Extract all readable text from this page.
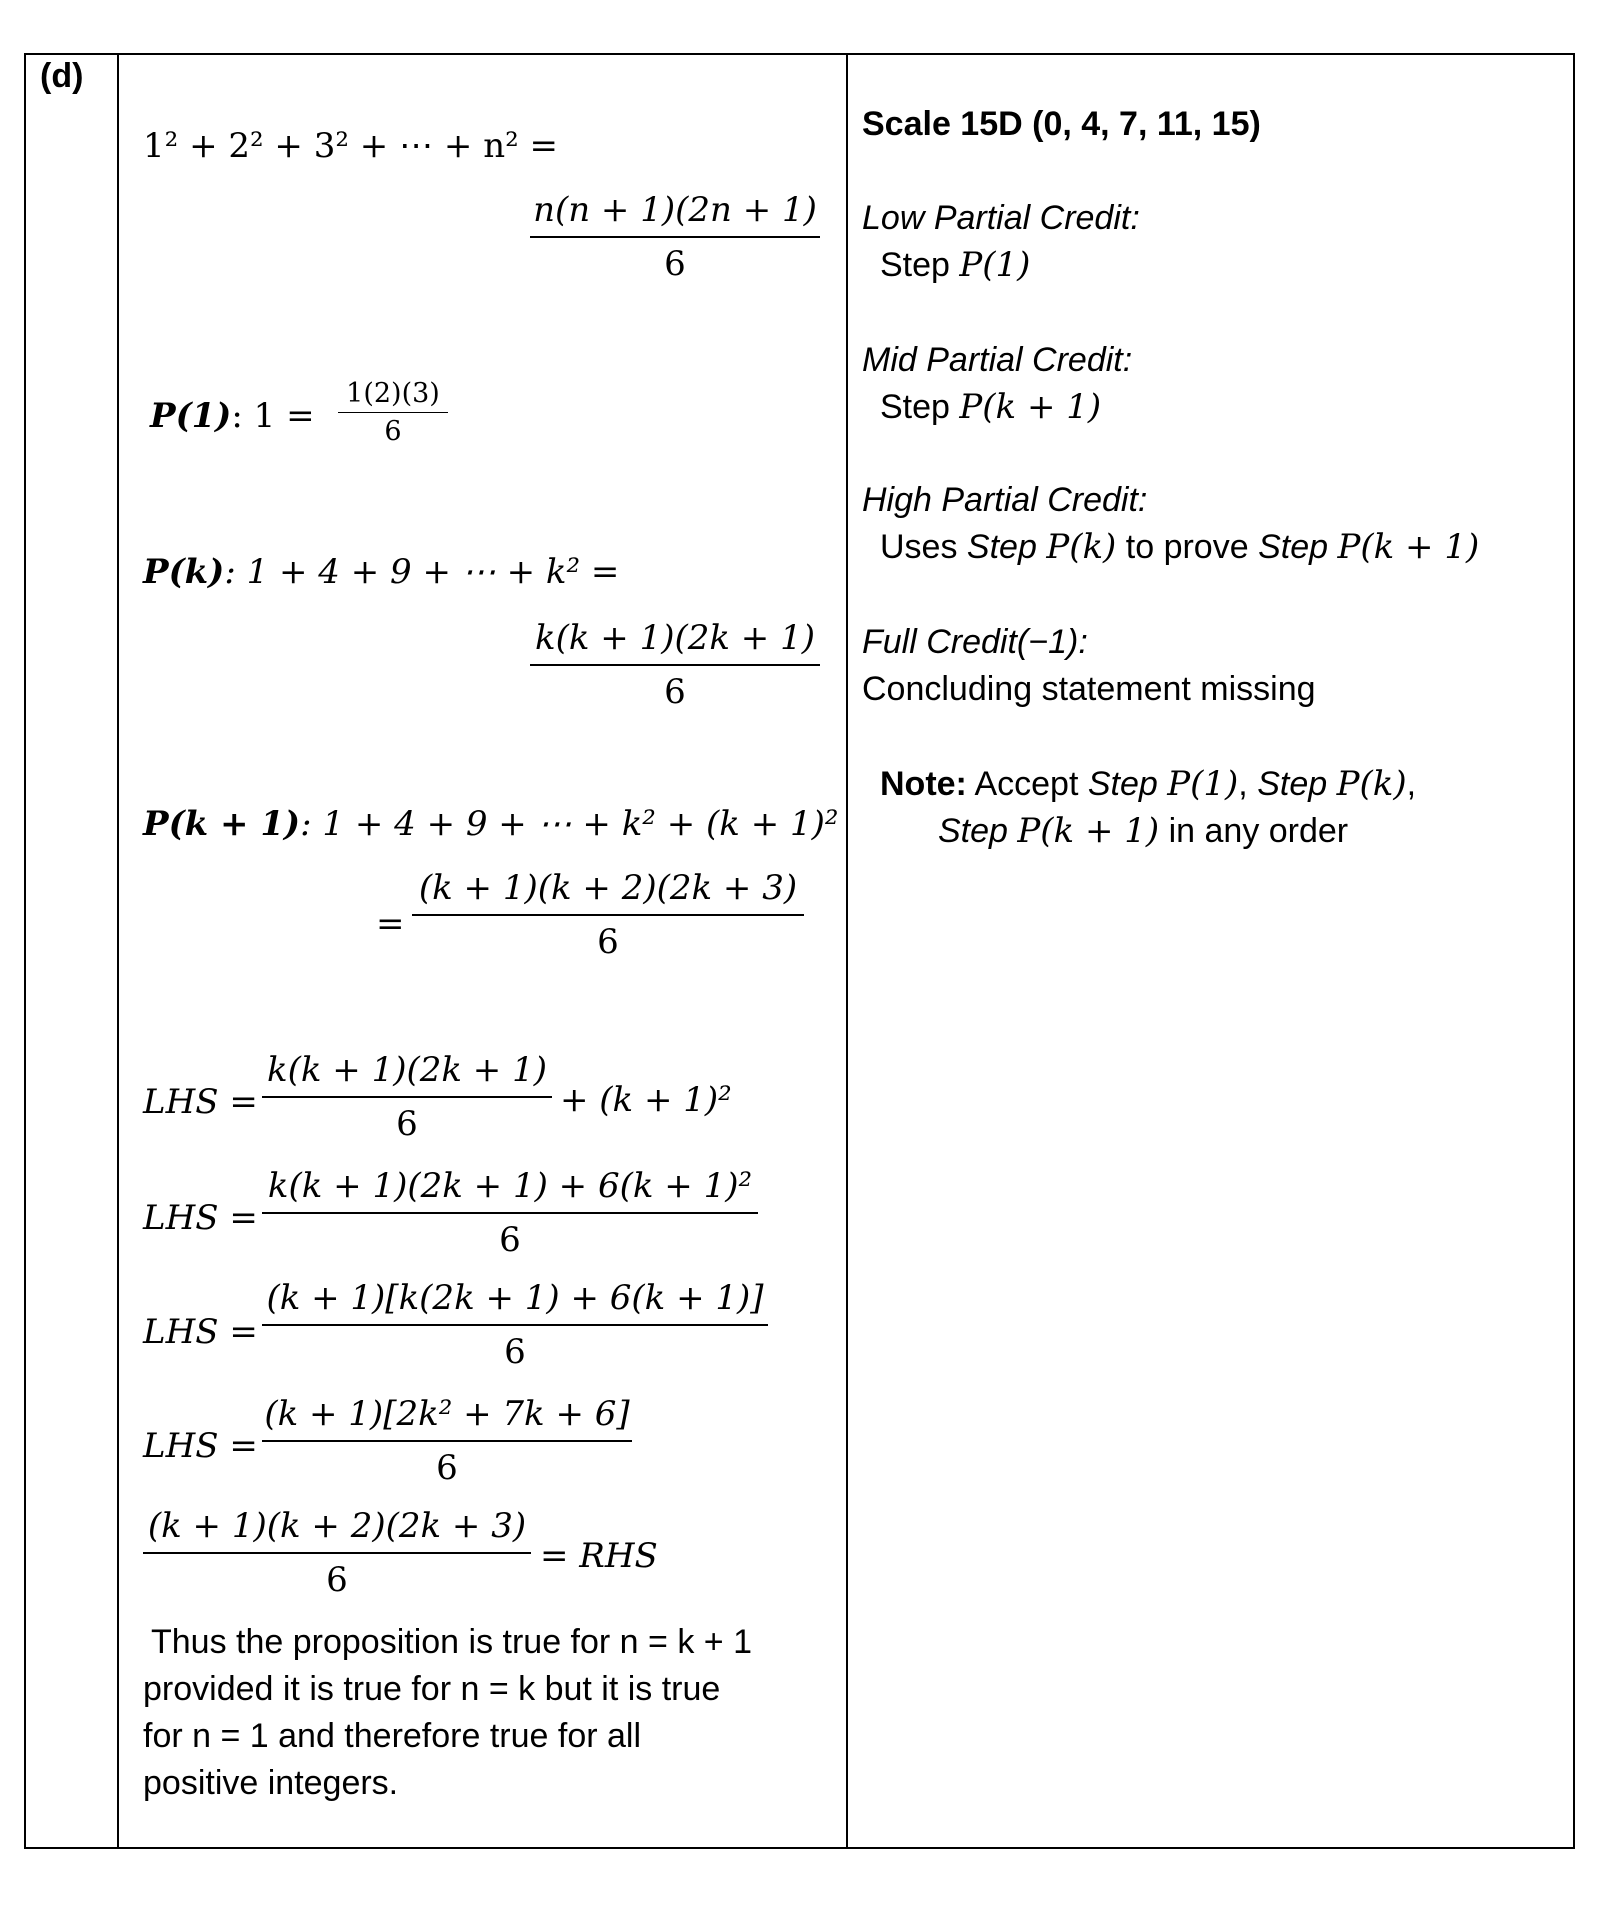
(d)
1² + 2² + 3² + ⋯ + n² =
$\frac{n(n + 1)(2n + 1)}{6}$
P(1): $1 = \frac{1(2)(3)}{6}$
P(k): 1 + 4 + 9 + ⋯ + k² =
$\frac{k(k + 1)(2k + 1)}{6}$
P(k + 1): 1 + 4 + 9 + ⋯ + k² + (k + 1)²
= $\frac{(k + 1)(k + 2)(2k + 3)}{6}$
LHS = $\frac{k(k + 1)(2k + 1)}{6} + (k + 1)^2$
LHS = $\frac{\text{k(k + 1)(2k + 1) + 6(k + 1)²}}{6}$
LHS = $\frac{(k + 1)[k(2k + 1) + 6(k + 1)]}{6}$
LHS = $\frac{\text{(k + 1)[2k² + 7k + 6]}}{6}$
$\frac{(k + 1)(k + 2)(2k + 3)}{6}$ = RHS
Thus the proposition is true for n = k + 1
provided it is true for n = k but it is true
for n = 1 and therefore true for all
positive integers.
Scale 15D (0, 4, 7, 11, 15)
Low Partial Credit:
Step P(1)
Mid Partial Credit:
Step P(k + 1)
High Partial Credit:
Uses Step P(k) to prove Step P(k + 1)
Full Credit(−1):
Concluding statement missing
Note: Accept Step P(1), Step P(k),
Step P(k + 1) in any order
